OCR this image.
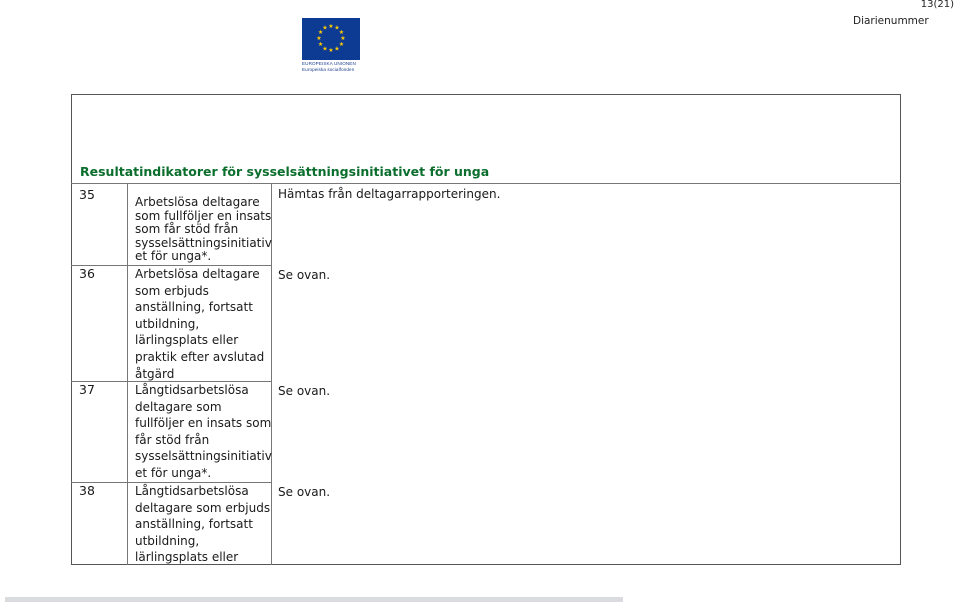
13(21)
Diarienummer
★ ★
★
★
★
★
★
★
★
★
★
★
EUROPEISKA UNIONEN
Europeiska socialfonden
Resultatindikatorer för sysselsättningsinitiativet för unga
35	Arbetslösa deltagare
som fullföljer en insats
som får stöd från
sysselsättningsinitiativ
et för unga*.
Hämtas från deltagarrapporteringen.
36	Arbetslösa deltagare
som erbjuds
anställning, fortsatt
utbildning,
lärlingsplats eller
praktik efter avslutad
åtgärd
Se ovan.
37	Långtidsarbetslösa
deltagare som
fullföljer en insats som
får stöd från
sysselsättningsinitiativ
et för unga*.
Se ovan.
38	Långtidsarbetslösa
deltagare som erbjuds
anställning, fortsatt
utbildning,
lärlingsplats eller
Se ovan.
